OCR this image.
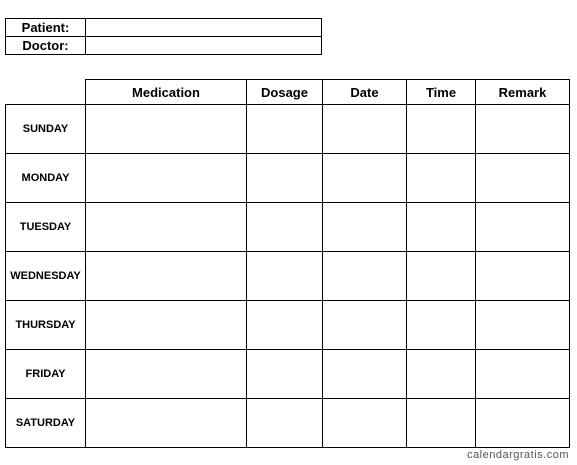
Patient:	
Doctor:	
	Medication	Dosage	Date	Time	Remark
SUNDAY					
MONDAY					
TUESDAY					
WEDNESDAY					
THURSDAY					
FRIDAY					
SATURDAY					
calendargratis.com
